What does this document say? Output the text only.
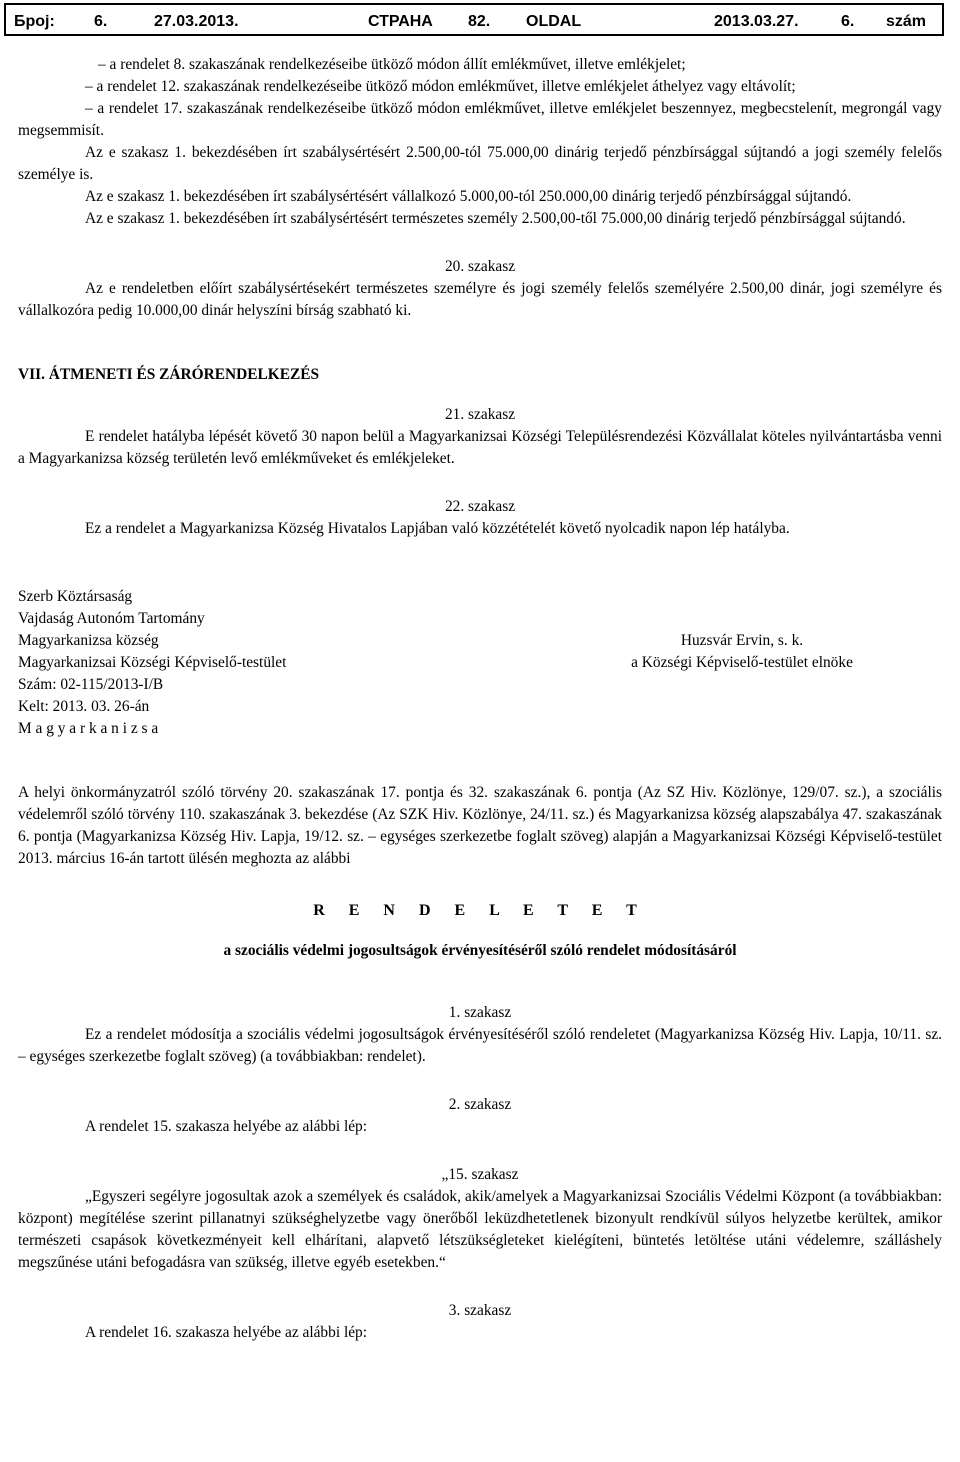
Број: 6.	27.03.2013.	СТРАНА 82. OLDAL	2013.03.27.	6. szám

– a rendelet 8. szakaszának rendelkezéseibe ütköző módon állít emlékművet, illetve emlékjelet;

– a rendelet 12. szakaszának rendelkezéseibe ütköző módon emlékművet, illetve emlékjelet áthelyez vagy eltávolít;

– a rendelet 17. szakaszának rendelkezéseibe ütköző módon emlékművet, illetve emlékjelet beszennyez, megbecstelenít, megrongál vagy megsemmisít.

Az e szakasz 1. bekezdésében írt szabálysértésért 2.500,00-tól 75.000,00 dinárig terjedő pénzbírsággal sújtandó a jogi személy felelős személye is.

Az e szakasz 1. bekezdésében írt szabálysértésért vállalkozó 5.000,00-tól 250.000,00 dinárig terjedő pénzbírsággal sújtandó.

Az e szakasz 1. bekezdésében írt szabálysértésért természetes személy 2.500,00-től 75.000,00 dinárig terjedő pénzbírsággal sújtandó.

20. szakasz

Az e rendeletben előírt szabálysértésekért természetes személyre és jogi személy felelős személyére 2.500,00 dinár, jogi személyre és vállalkozóra pedig 10.000,00 dinár helyszíni bírság szabható ki.

VII. ÁTMENETI ÉS ZÁRÓRENDELKEZÉS

21. szakasz

E rendelet hatályba lépését követő 30 napon belül a Magyarkanizsai Községi Településrendezési Közvállalat köteles nyilvántartásba venni a Magyarkanizsa község területén levő emlékműveket és emlékjeleket.

22. szakasz

Ez a rendelet a Magyarkanizsa Község Hivatalos Lapjában való közzétételét követő nyolcadik napon lép hatályba.

Szerb Köztársaság
Vajdaság Autonóm Tartomány
Magyarkanizsa község
Magyarkanizsai Községi Képviselő-testület
Szám: 02-115/2013-I/B
Kelt: 2013. 03. 26-án
M a g y a r k a n i z s a
Huzsvár Ervin, s. k.
a Községi Képviselő-testület elnöke

A helyi önkormányzatról szóló törvény 20. szakaszának 17. pontja és 32. szakaszának 6. pontja (Az SZ Hiv. Közlönye, 129/07. sz.), a szociális védelemről szóló törvény 110. szakaszának 3. bekezdése (Az SZK Hiv. Közlönye, 24/11. sz.) és Magyarkanizsa község alapszabálya 47. szakaszának 6. pontja (Magyarkanizsa Község Hiv. Lapja, 19/12. sz. – egységes szerkezetbe foglalt szöveg) alapján a Magyarkanizsai Községi Képviselő-testület 2013. március 16-án tartott ülésén meghozta az alábbi

R E N D E L E T E T

a szociális védelmi jogosultságok érvényesítéséről szóló rendelet módosításáról

1. szakasz

Ez a rendelet módosítja a szociális védelmi jogosultságok érvényesítéséről szóló rendeletet (Magyarkanizsa Község Hiv. Lapja, 10/11. sz. – egységes szerkezetbe foglalt szöveg) (a továbbiakban: rendelet).

2. szakasz

A rendelet 15. szakasza helyébe az alábbi lép:

„15. szakasz

„Egyszeri segélyre jogosultak azok a személyek és családok, akik/amelyek a Magyarkanizsai Szociális Védelmi Központ (a továbbiakban: központ) megítélése szerint pillanatnyi szükséghelyzetbe vagy önerőből leküzdhetetlenek bizonyult rendkívül súlyos helyzetbe kerültek, amikor természeti csapások következményeit kell elhárítani, alapvető létszükségleteket kielégíteni, büntetés letöltése utáni védelemre, szálláshely megszűnése utáni befogadásra van szükség, illetve egyéb esetekben.“

3. szakasz

A rendelet 16. szakasza helyébe az alábbi lép:
